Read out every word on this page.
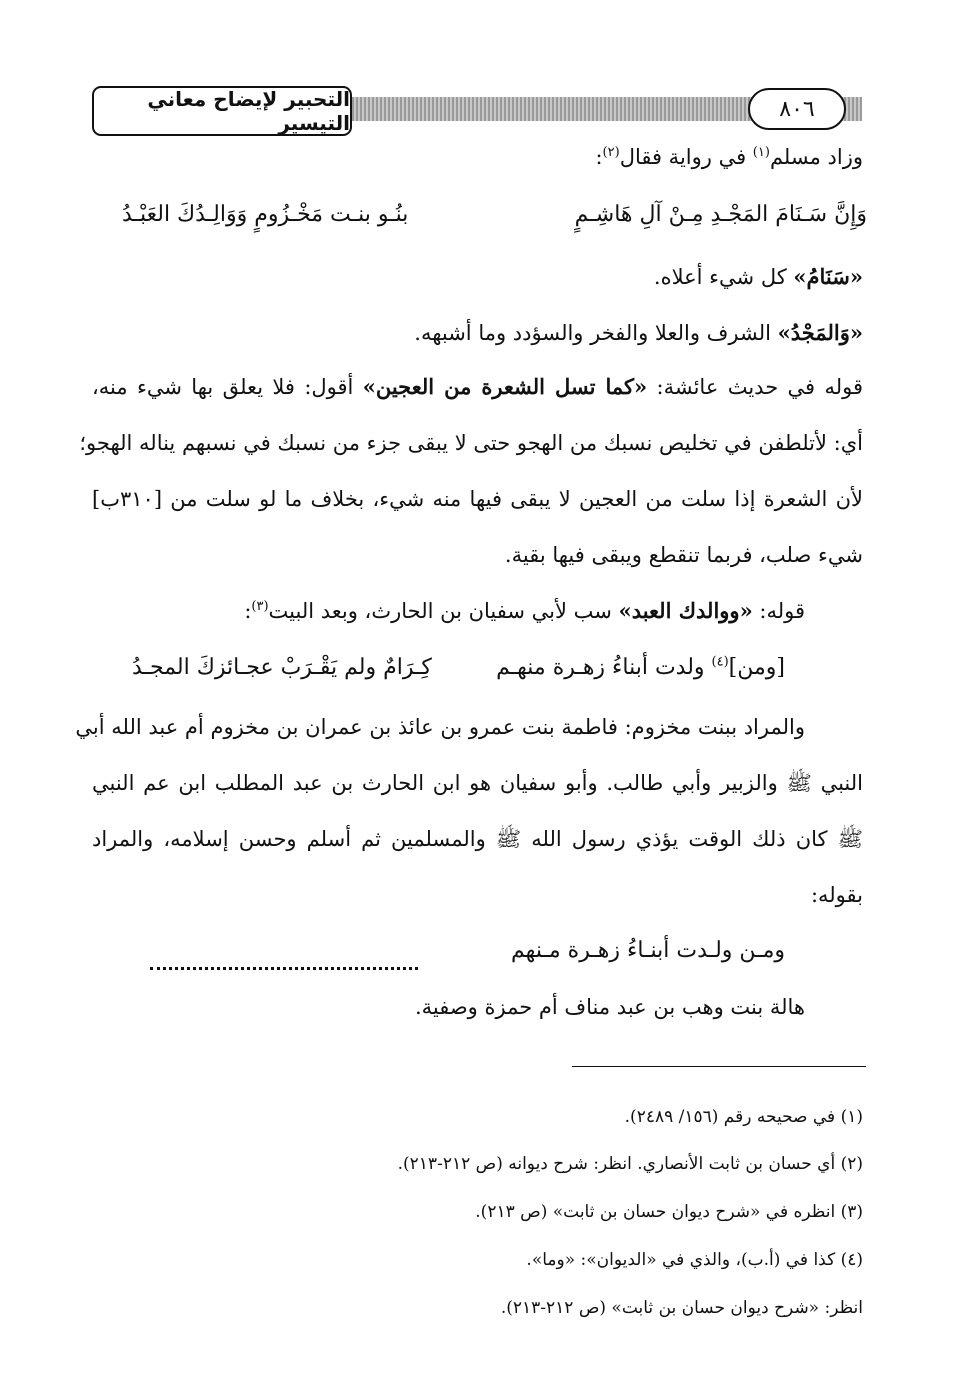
التحبير لإيضاح معاني التيسير
٨٠٦
وزاد مسلم$^{(١)}$ في رواية فقال$^{(٢)}$:
وَإِنَّ سَـنَامَ المَجْـدِ مِـنْ آلِ هَاشِـمٍ
بنُـو بنـت مَخْـزُومٍ وَوَالِـدُكَ العَبْـدُ
«سَنَامُ» كل شيء أعلاه.
«وَالمَجْدُ» الشرف والعلا والفخر والسؤدد وما أشبهه.
قوله في حديث عائشة: «كما تسل الشعرة من العجين» أقول: فلا يعلق بها شيء منه،
أي: لأتلطفن في تخليص نسبك من الهجو حتى لا يبقى جزء من نسبك في نسبهم يناله الهجو؛
لأن الشعرة إذا سلت من العجين لا يبقى فيها منه شيء، بخلاف ما لو سلت من [٣١٠ب]
شيء صلب، فربما تنقطع ويبقى فيها بقية.
قوله: «ووالدك العبد» سب لأبي سفيان بن الحارث، وبعد البيت$^{(٣)}$:
[ومن]$^{(٤)}$ ولدت أبناءُ زهـرة منهـم
كِـرَامٌ ولم يَقْـرَبْ عجـائزكَ المجـدُ
والمراد ببنت مخزوم: فاطمة بنت عمرو بن عائذ بن عمران بن مخزوم أم عبد الله أبي
النبي ﷺ والزبير وأبي طالب. وأبو سفيان هو ابن الحارث بن عبد المطلب ابن عم النبي
ﷺ كان ذلك الوقت يؤذي رسول الله ﷺ والمسلمين ثم أسلم وحسن إسلامه، والمراد
بقوله:
ومـن ولـدت أبنـاءُ زهـرة مـنهم
هالة بنت وهب بن عبد مناف أم حمزة وصفية.
(١) في صحيحه رقم (١٥٦/ ٢٤٨٩).
(٢) أي حسان بن ثابت الأنصاري. انظر: شرح ديوانه (ص ٢١٢-٢١٣).
(٣) انظره في «شرح ديوان حسان بن ثابت» (ص ٢١٣).
(٤) كذا في (أ.ب)، والذي في «الديوان»: «وما».
انظر: «شرح ديوان حسان بن ثابت» (ص ٢١٢-٢١٣).
